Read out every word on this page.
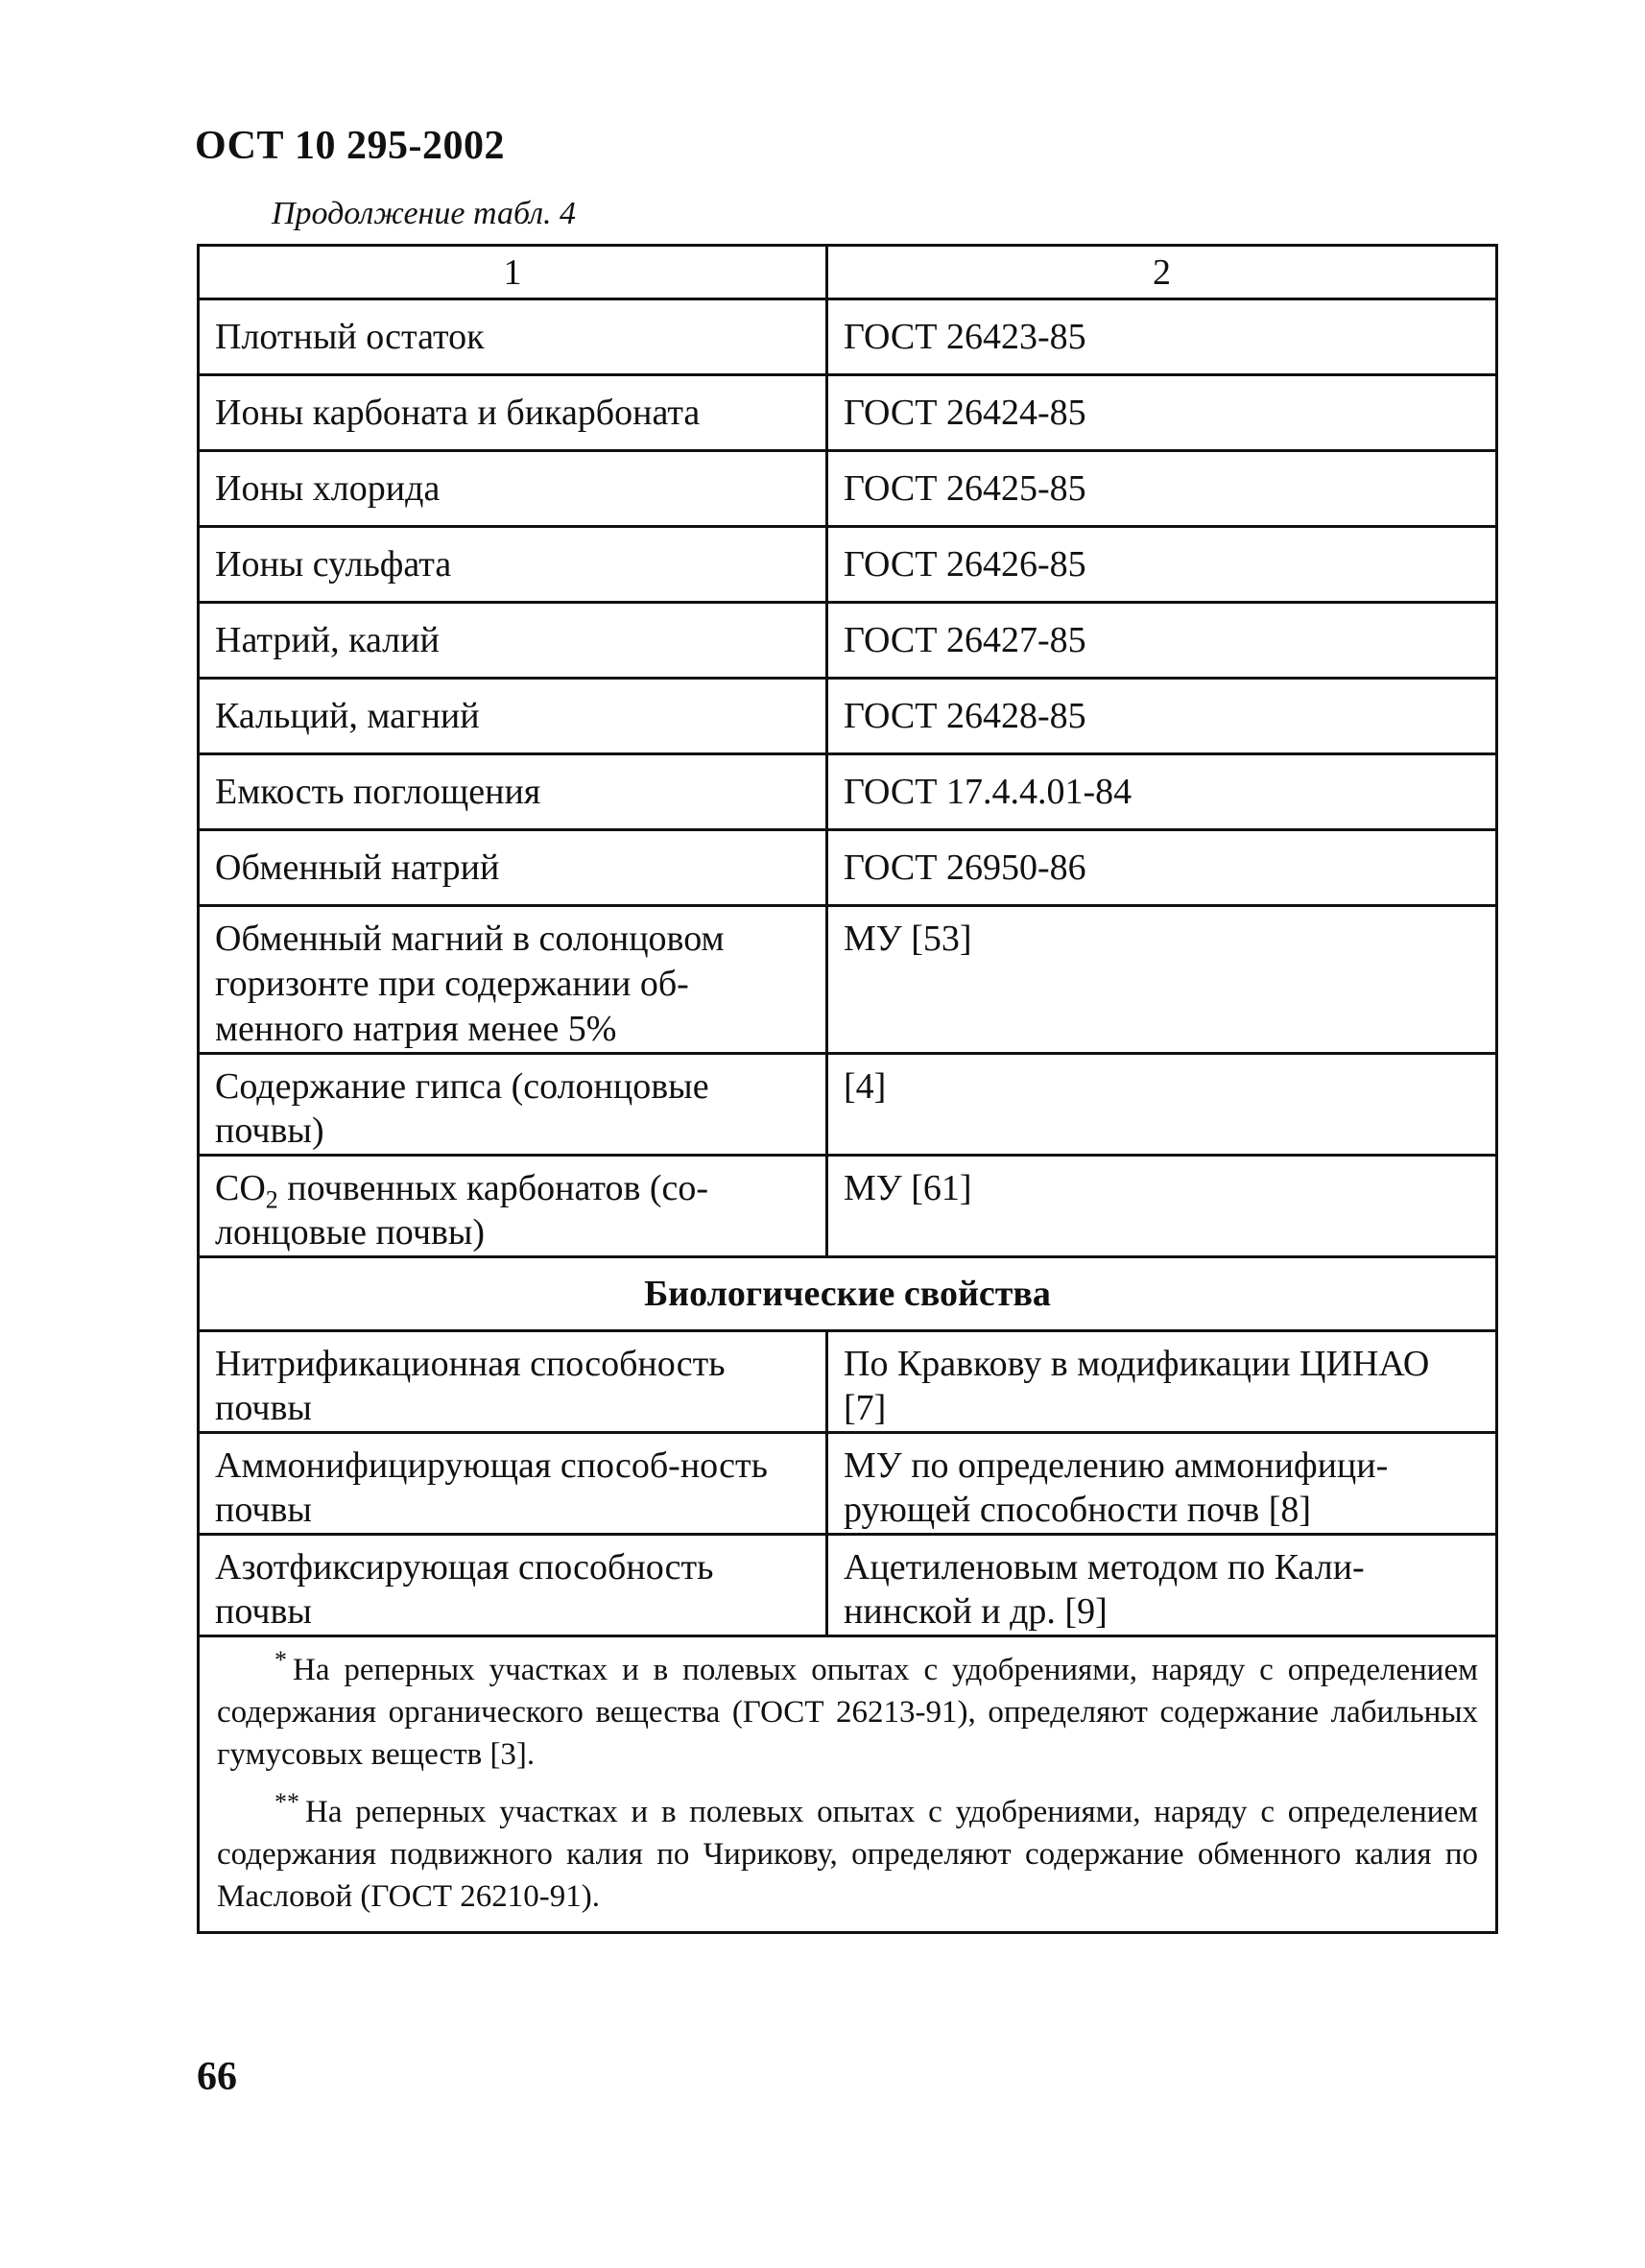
ОСТ 10 295-2002
Продолжение табл. 4
1	2
Плотный остаток	ГОСТ 26423-85
Ионы карбоната и бикарбоната	ГОСТ 26424-85
Ионы хлорида	ГОСТ 26425-85
Ионы сульфата	ГОСТ 26426-85
Натрий, калий	ГОСТ 26427-85
Кальций, магний	ГОСТ 26428-85
Емкость поглощения	ГОСТ 17.4.4.01-84
Обменный натрий	ГОСТ 26950-86
Обменный магний в солонцовом горизонте при содержании об-менного натрия менее 5%	МУ [53]
Содержание гипса (солонцовые почвы)	[4]
$CO_2$ почвенных карбонатов (со-лонцовые почвы)	МУ [61]
Биологические свойства	
Нитрификационная способность почвы	По Кравкову в модификации ЦИНАО [7]
Аммонифицирующая способ-ность почвы	МУ по определению аммонифици-рующей способности почв [8]
Азотфиксирующая способность почвы	Ацетиленовым методом по Кали-нинской и др. [9]

* На реперных участках и в полевых опытах с удобрениями, наряду с определением содержания органического вещества (ГОСТ 26213-91), определяют содержание лабильных гумусовых веществ [3].

** На реперных участках и в полевых опытах с удобрениями, наряду с определением содержания подвижного калия по Чирикову, определяют содержание обменного калия по Масловой (ГОСТ 26210-91).	

66
